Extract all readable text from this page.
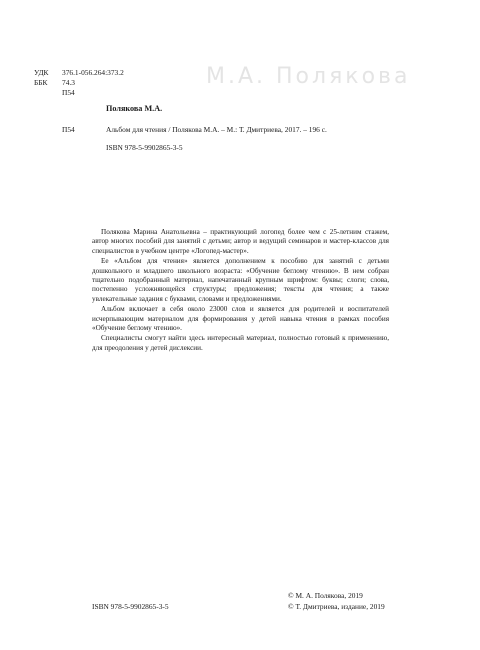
М.А. Полякова
УДК	376.1-056.264:373.2
ББК	74.3
П54
Полякова М.А.
П54	Альбом для чтения / Полякова М.А. – М.: Т. Дмитриева, 2017. – 196 с.
ISBN 978-5-9902865-3-5

Полякова Марина Анатольевна – практикующий логопед более чем с 25-летним стажем, автор многих пособий для занятий с детьми; автор и ведущий семинаров и мастер-классов для специалистов в учебном центре «Логопед-мастер».

Ее «Альбом для чтения» является дополнением к пособию для занятий с детьми дошкольного и младшего школьного возраста: «Обучение беглому чтению». В нем собран тщательно подобранный материал, напечатанный крупным шрифтом: буквы; слоги; слова, постепенно усложняющейся структуры; предложения; тексты для чтения; а также увлекательные задания с буквами, словами и предложениями.

Альбом включает в себя около 23000 слов и является для родителей и воспитателей исчерпывающим материалом для формирования у детей навыка чтения в рамках пособия «Обучение беглому чтению».

Специалисты смогут найти здесь интересный материал, полностью готовый к применению, для преодоления у детей дислексии.

ISBN 978-5-9902865-3-5
© М. А. Полякова, 2019
© Т. Дмитриева, издание, 2019
